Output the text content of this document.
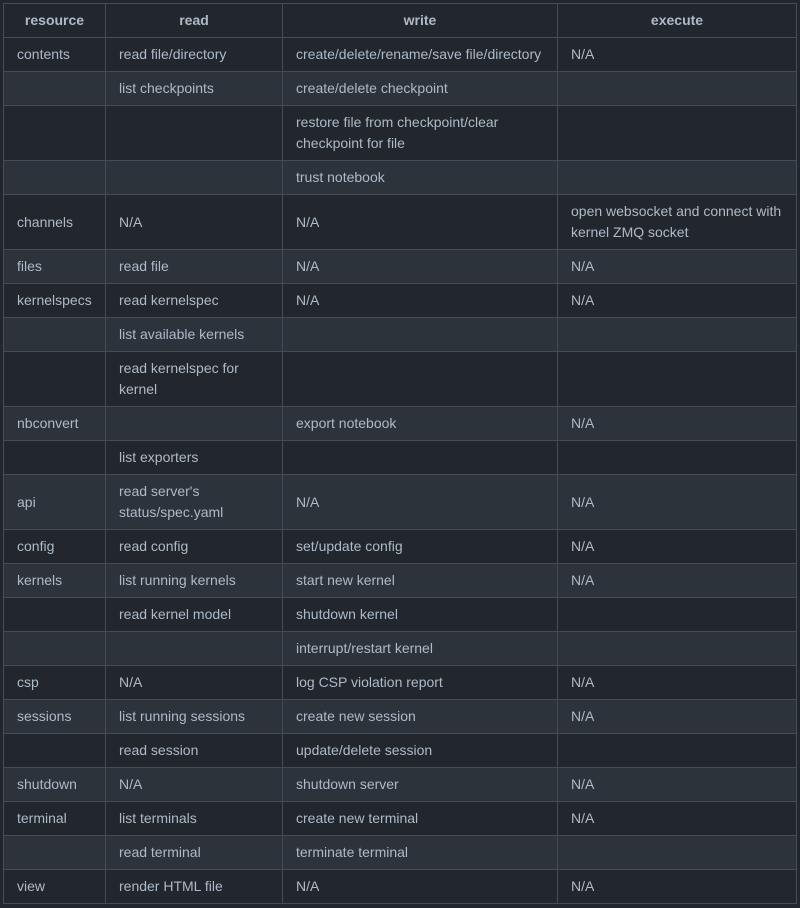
resource	read	write	execute
contents	read file/directory	create/delete/rename/save file/directory	N/A
	list checkpoints	create/delete checkpoint	
		restore file from checkpoint/clear checkpoint for file	
		trust notebook	
channels	N/A	N/A	open websocket and connect with kernel ZMQ socket
files	read file	N/A	N/A
kernelspecs	read kernelspec	N/A	N/A
	list available kernels		
	read kernelspec for kernel		
nbconvert		export notebook	N/A
	list exporters		
api	read server's status/spec.yaml	N/A	N/A
config	read config	set/update config	N/A
kernels	list running kernels	start new kernel	N/A
	read kernel model	shutdown kernel	
		interrupt/restart kernel	
csp	N/A	log CSP violation report	N/A
sessions	list running sessions	create new session	N/A
	read session	update/delete session	
shutdown	N/A	shutdown server	N/A
terminal	list terminals	create new terminal	N/A
	read terminal	terminate terminal	
view	render HTML file	N/A	N/A
